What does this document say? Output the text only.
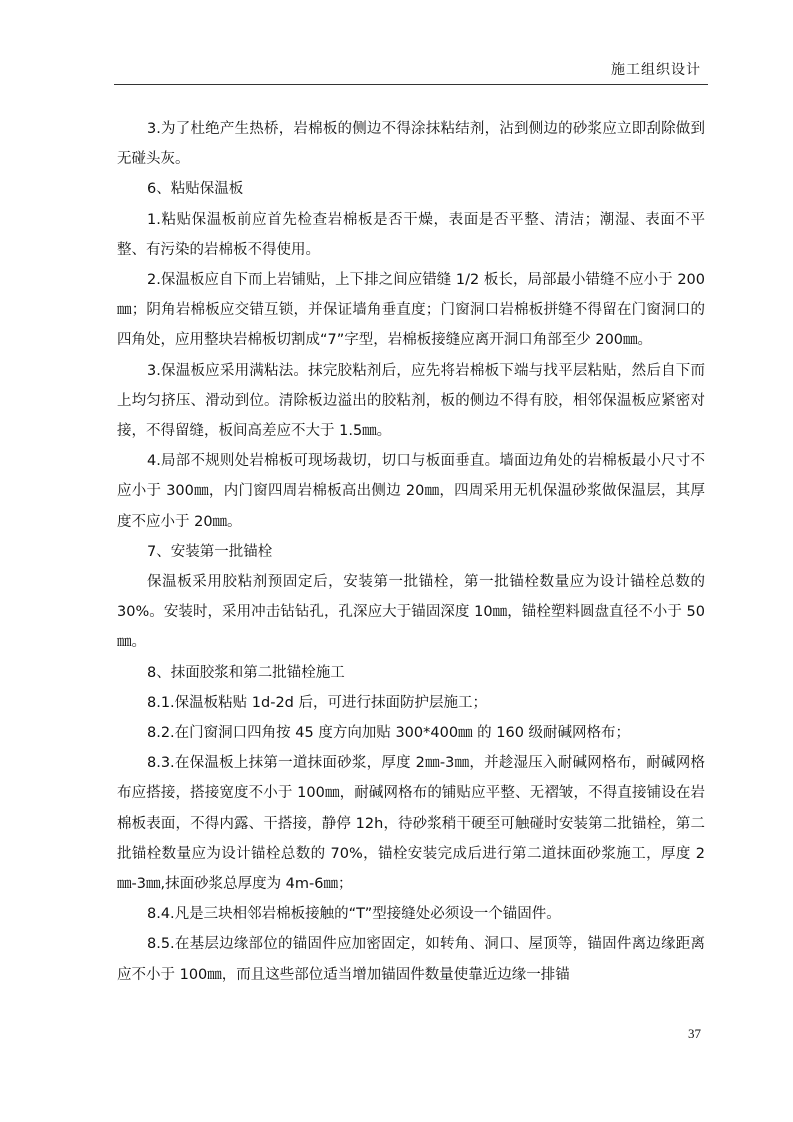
施工组织设计

3.为了杜绝产生热桥，岩棉板的侧边不得涂抹粘结剂，沾到侧边的砂浆应立即刮除做到无碰头灰。

6、粘贴保温板

1.粘贴保温板前应首先检查岩棉板是否干燥，表面是否平整、清洁；潮湿、表面不平整、有污染的岩棉板不得使用。

2.保温板应自下而上岩铺贴，上下排之间应错缝 1/2 板长，局部最小错缝不应小于 200㎜；阴角岩棉板应交错互锁，并保证墙角垂直度；门窗洞口岩棉板拼缝不得留在门窗洞口的四角处，应用整块岩棉板切割成“7”字型，岩棉板接缝应离开洞口角部至少 200㎜。

3.保温板应采用满粘法。抹完胶粘剂后，应先将岩棉板下端与找平层粘贴，然后自下而上均匀挤压、滑动到位。清除板边溢出的胶粘剂，板的侧边不得有胶，相邻保温板应紧密对接，不得留缝，板间高差应不大于 1.5㎜。

4.局部不规则处岩棉板可现场裁切，切口与板面垂直。墙面边角处的岩棉板最小尺寸不应小于 300㎜，内门窗四周岩棉板高出侧边 20㎜，四周采用无机保温砂浆做保温层，其厚度不应小于 20㎜。

7、安装第一批锚栓

保温板采用胶粘剂预固定后，安装第一批锚栓，第一批锚栓数量应为设计锚栓总数的 30%。安装时，采用冲击钻钻孔，孔深应大于锚固深度 10㎜，锚栓塑料圆盘直径不小于 50㎜。

8、抹面胶浆和第二批锚栓施工

8.1.保温板粘贴 1d-2d 后，可进行抹面防护层施工；

8.2.在门窗洞口四角按 45 度方向加贴 300*400㎜ 的 160 级耐碱网格布；

8.3.在保温板上抹第一道抹面砂浆，厚度 2㎜-3㎜，并趁湿压入耐碱网格布，耐碱网格布应搭接，搭接宽度不小于 100㎜，耐碱网格布的铺贴应平整、无褶皱，不得直接铺设在岩棉板表面，不得内露、干搭接，静停 12h，待砂浆稍干硬至可触碰时安装第二批锚栓，第二批锚栓数量应为设计锚栓总数的 70%，锚栓安装完成后进行第二道抹面砂浆施工，厚度 2㎜-3㎜,抹面砂浆总厚度为 4m-6㎜；

8.4.凡是三块相邻岩棉板接触的“T”型接缝处必须设一个锚固件。

8.5.在基层边缘部位的锚固件应加密固定，如转角、洞口、屋顶等，锚固件离边缘距离应不小于 100㎜，而且这些部位适当增加锚固件数量使靠近边缘一排锚

37
